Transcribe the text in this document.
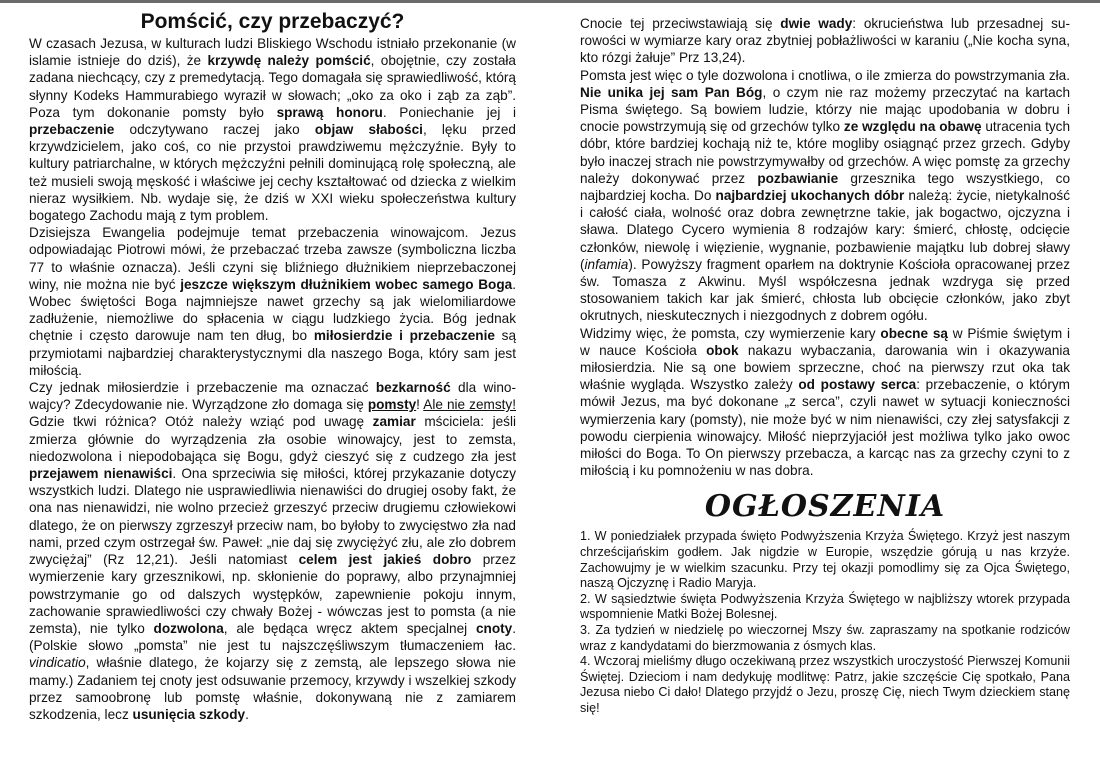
Pomścić, czy przebaczyć?

W czasach Jezusa, w kulturach ludzi Bliskiego Wschodu istniało przekonanie (w islamie istnieje do dziś), że krzywdę należy pomścić, obojętnie, czy została zadana niechcący, czy z premedytacją. Tego domagała się sprawiedliwość, którą słynny Kodeks Hammurabiego wyraził w słowach; „oko za oko i ząb za ząb”. Poza tym dokonanie pomsty było sprawą honoru. Poniechanie jej i przebaczenie odczytywano raczej jako objaw słabości, lęku przed krzywdzicielem, jako coś, co nie przystoi prawdziwemu mężczyźnie. Były to kultury patriarchalne, w których mężczyźni pełnili dominującą rolę społeczną, ale też musieli swoją męskość i właściwe jej cechy kształtować od dziecka z wielkim nieraz wysiłkiem. Nb. wydaje się, że dziś w XXI wieku społeczeństwa kultury bogatego Zachodu mają z tym problem.

Dzisiejsza Ewangelia podejmuje temat przebaczenia winowajcom. Jezus odpowiadając Piotrowi mówi, że przebaczać trzeba zawsze (symboliczna liczba 77 to właśnie oznacza). Jeśli czyni się bliźniego dłużnikiem nieprzebaczonej winy, nie można nie być jeszcze większym dłużnikiem wobec samego Boga. Wobec świętości Boga najmniejsze nawet grzechy są jak wielomiliardowe zadłużenie, niemożliwe do spłacenia w ciągu ludzkiego życia. Bóg jednak chętnie i często darowuje nam ten dług, bo miłosierdzie i przebaczenie są przymiotami najbardziej charakterystycznymi dla naszego Boga, który sam jest miłością.

Czy jednak miłosierdzie i przebaczenie ma oznaczać bezkarność dla winowajcy? Zdecydowanie nie. Wyrządzone zło domaga się pomsty! Ale nie zemsty! Gdzie tkwi różnica? Otóż należy wziąć pod uwagę zamiar mściciela: jeśli zmierza głównie do wyrządzenia zła osobie winowajcy, jest to zemsta, niedozwolona i niepodobająca się Bogu, gdyż cieszyć się z cudzego zła jest przejawem nienawiści. Ona sprzeciwia się miłości, której przykazanie dotyczy wszystkich ludzi. Dlatego nie usprawiedliwia nienawiści do drugiej osoby fakt, że ona nas nienawidzi, nie wolno przecież grzeszyć przeciw drugiemu człowiekowi dlatego, że on pierwszy zgrzeszył przeciw nam, bo byłoby to zwycięstwo zła nad nami, przed czym ostrzegał św. Paweł: „nie daj się zwyciężyć złu, ale zło dobrem zwyciężaj” (Rz 12,21). Jeśli natomiast celem jest jakieś dobro przez wymierzenie kary grzesznikowi, np. skłonienie do poprawy, albo przynajmniej powstrzymanie go od dalszych występków, zapewnienie pokoju innym, zachowanie sprawiedliwości czy chwały Bożej - wówczas jest to pomsta (a nie zemsta), nie tylko dozwolona, ale będąca wręcz aktem specjalnej cnoty. (Polskie słowo „pomsta” nie jest tu najszczęśliwszym tłumaczeniem łac. vindicatio, właśnie dlatego, że kojarzy się z zemstą, ale lepszego słowa nie mamy.) Zadaniem tej cnoty jest odsuwanie przemocy, krzywdy i wszelkiej szkody przez samoobronę lub pomstę właśnie, dokonywaną nie z zamiarem szkodzenia, lecz usunięcia szkody.

Cnocie tej przeciwstawiają się dwie wady: okrucieństwa lub przesadnej surowości w wymiarze kary oraz zbytniej pobłażliwości w karaniu („Nie kocha syna, kto rózgi żałuje” Prz 13,24).

Pomsta jest więc o tyle dozwolona i cnotliwa, o ile zmierza do powstrzymania zła. Nie unika jej sam Pan Bóg, o czym nie raz możemy przeczytać na kartach Pisma świętego. Są bowiem ludzie, którzy nie mając upodobania w dobru i cnocie powstrzymują się od grzechów tylko ze względu na obawę utracenia tych dóbr, które bardziej kochają niż te, które mogliby osiągnąć przez grzech. Gdyby było inaczej strach nie powstrzymywałby od grzechów. A więc pomstę za grzechy należy dokonywać przez pozbawianie grzesznika tego wszystkiego, co najbardziej kocha. Do najbardziej ukochanych dóbr należą: życie, nietykalność i całość ciała, wolność oraz dobra zewnętrzne takie, jak bogactwo, ojczyzna i sława. Dlatego Cycero wymienia 8 rodzajów kary: śmierć, chłostę, odcięcie członków, niewolę i więzienie, wygnanie, pozbawienie majątku lub dobrej sławy (infamia). Powyższy fragment oparłem na doktrynie Kościoła opracowanej przez św. Tomasza z Akwinu. Myśl współczesna jednak wzdryga się przed stosowaniem takich kar jak śmierć, chłosta lub obcięcie członków, jako zbyt okrutnych, nieskutecznych i niezgodnych z dobrem ogółu.

Widzimy więc, że pomsta, czy wymierzenie kary obecne są w Piśmie świętym i w nauce Kościoła obok nakazu wybaczania, darowania win i okazywania miłosierdzia. Nie są one bowiem sprzeczne, choć na pierwszy rzut oka tak właśnie wygląda. Wszystko zależy od postawy serca: przebaczenie, o którym mówił Jezus, ma być dokonane „z serca”, czyli nawet w sytuacji konieczności wymierzenia kary (pomsty), nie może być w nim nienawiści, czy złej satysfakcji z powodu cierpienia winowajcy. Miłość nieprzyjaciół jest możliwa tylko jako owoc miłości do Boga. To On pierwszy przebacza, a karcąc nas za grzechy czyni to z miłością i ku pomnożeniu w nas dobra.

OGŁOSZENIA

1. W poniedziałek przypada święto Podwyższenia Krzyża Świętego. Krzyż jest naszym chrześcijańskim godłem. Jak nigdzie w Europie, wszędzie górują u nas krzyże. Zachowujmy je w wielkim szacunku. Przy tej okazji pomodlimy się za Ojca Świętego, naszą Ojczyznę i Radio Maryja.

2. W sąsiedztwie święta Podwyższenia Krzyża Świętego w najbliższy wtorek przypada wspomnienie Matki Bożej Bolesnej.

3. Za tydzień w niedzielę po wieczornej Mszy św. zapraszamy na spotkanie rodziców wraz z kandydatami do bierzmowania z ósmych klas.

4. Wczoraj mieliśmy długo oczekiwaną przez wszystkich uroczystość Pierwszej Komunii Świętej. Dzieciom i nam dedykuję modlitwę: Patrz, jakie szczęście Cię spotkało, Pana Jezusa niebo Ci dało! Dlatego przyjdź o Jezu, proszę Cię, niech Twym dzieckiem stanę się!
